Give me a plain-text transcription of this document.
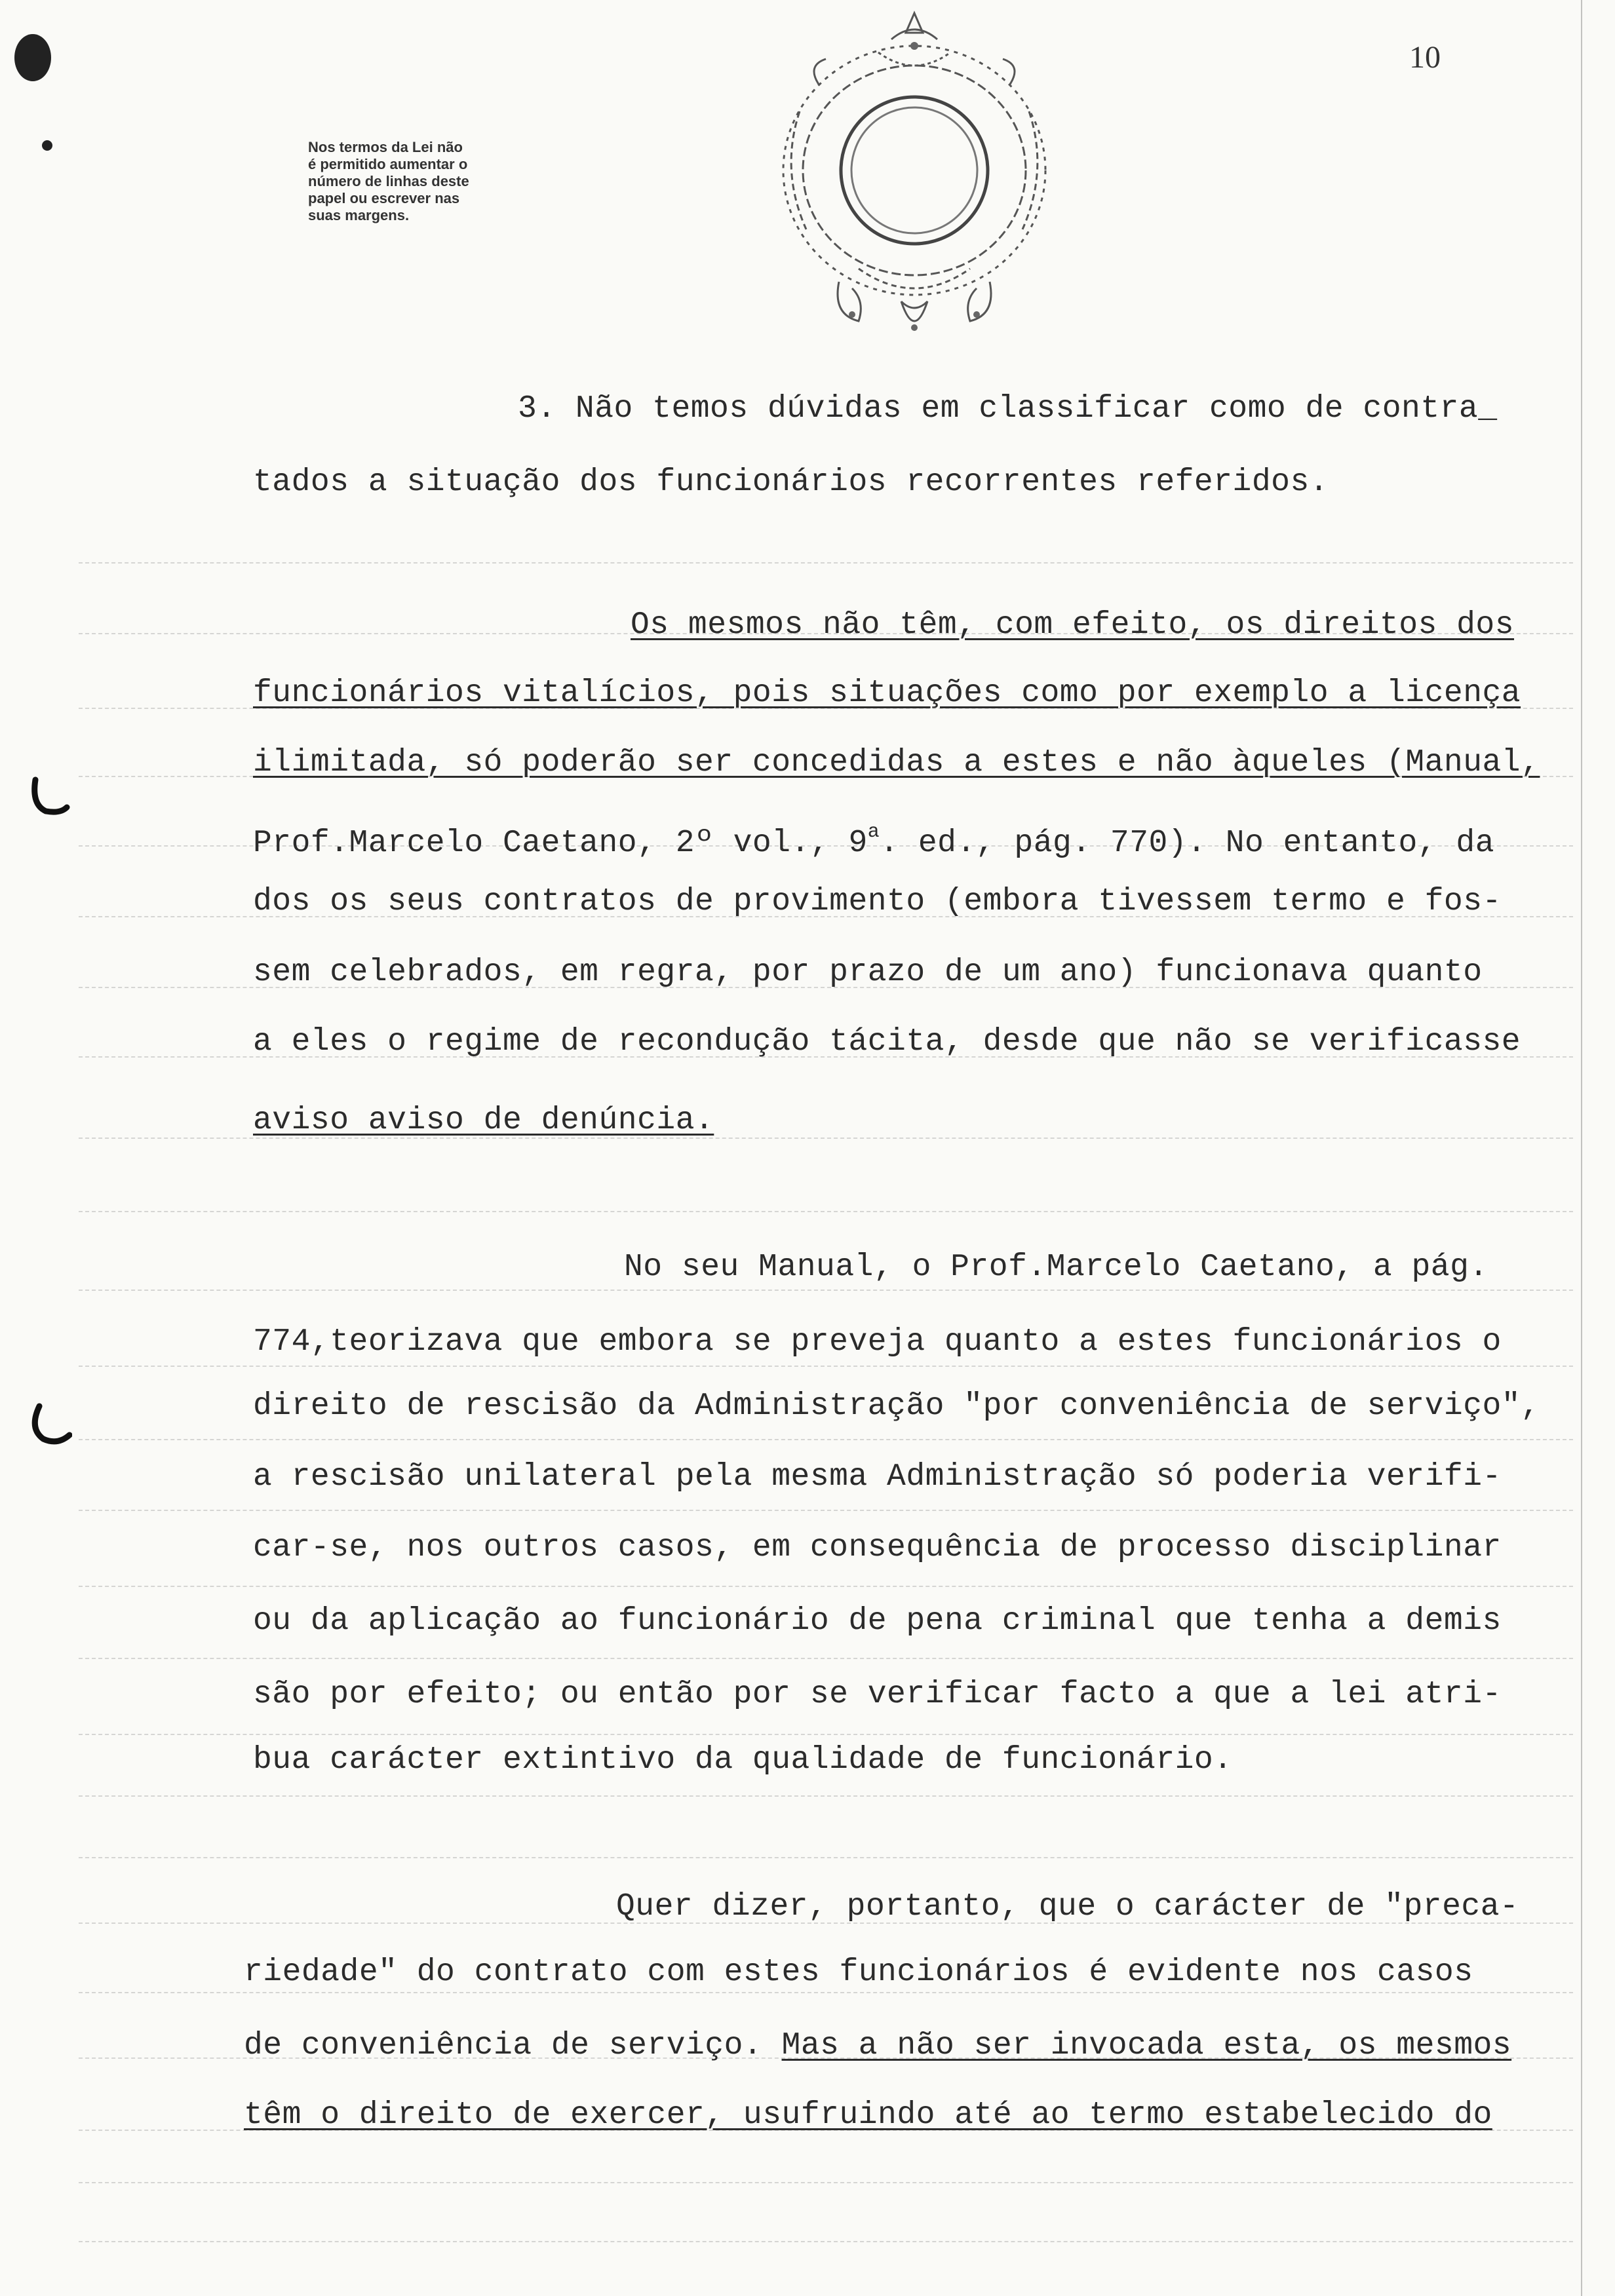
10
Nos termos da Lei não
é permitido aumentar o
número de linhas deste
papel ou escrever nas
suas margens.
3. Não temos dúvidas em classificar como de contra_
tados a situação dos funcionários recorrentes referidos.
Os mesmos não têm, com efeito, os direitos dos
funcionários vitalícios, pois situações como por exemplo a licença
ilimitada, só poderão ser concedidas a estes e não àqueles (Manual,
Prof.Marcelo Caetano, 2º vol., 9$^a$. ed., pág. 770). No entanto, da
dos os seus contratos de provimento (embora tivessem termo e fos-
sem celebrados, em regra, por prazo de um ano) funcionava quanto
a eles o regime de recondução tácita, desde que não se verificasse
aviso aviso de denúncia.
No seu Manual, o Prof.Marcelo Caetano, a pág.
774,teorizava que embora se preveja quanto a estes funcionários o
direito de rescisão da Administração "por conveniência de serviço",
a rescisão unilateral pela mesma Administração só poderia verifi-
car-se, nos outros casos, em consequência de processo disciplinar
ou da aplicação ao funcionário de pena criminal que tenha a demis
são por efeito; ou então por se verificar facto a que a lei atri-
bua carácter extintivo da qualidade de funcionário.
Quer dizer, portanto, que o carácter de "preca-
riedade" do contrato com estes funcionários é evidente nos casos
de conveniência de serviço. Mas a não ser invocada esta, os mesmos
têm o direito de exercer, usufruindo até ao termo estabelecido do
